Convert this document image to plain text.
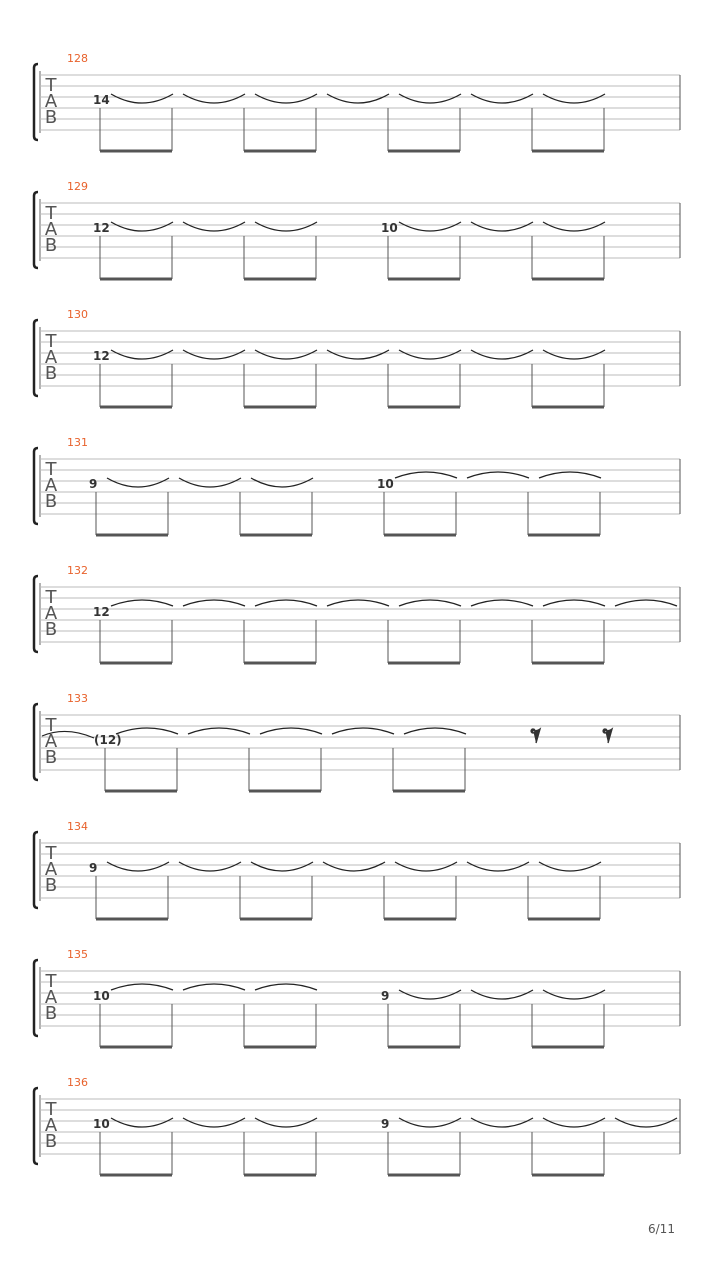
128
T
A
B
14
129
T
A
B
12	10
130
T
A
B
12
131
T
A
B
9	10
132
T
A
B
12
133
T
A
B
(12)
134
T
A
B
9
135
T
A
B
10	9
136
T
A
B
10	9
6/11
